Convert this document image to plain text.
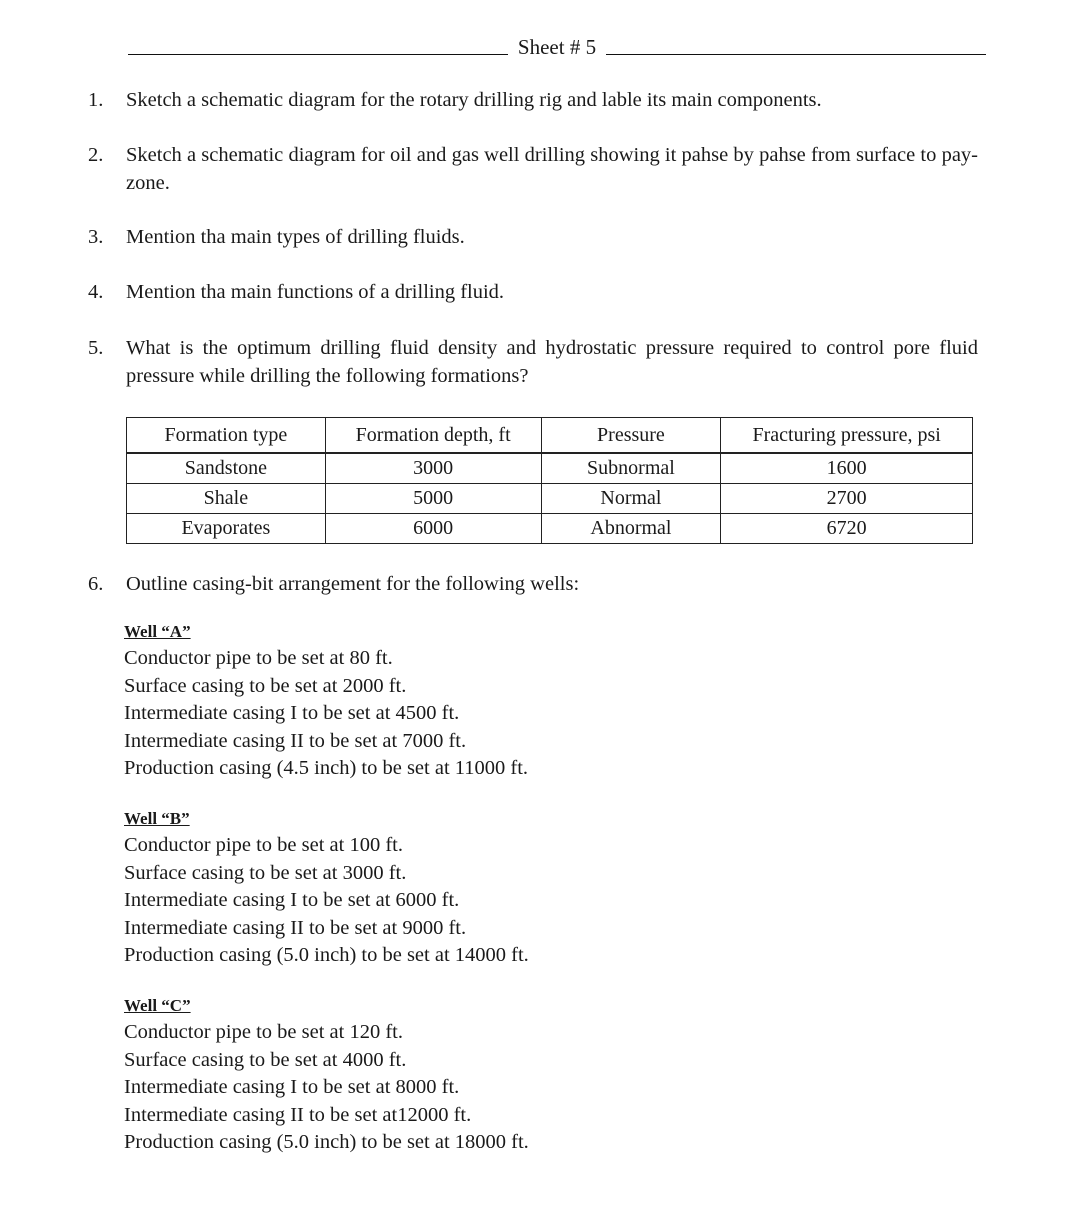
Sheet # 5
1.	Sketch a schematic diagram for the rotary drilling rig and lable its main components.
2.	Sketch a schematic diagram for oil and gas well drilling showing it pahse by pahse from surface to pay-zone.
3.	Mention tha main types of drilling fluids.
4.	Mention tha main functions of a drilling fluid.
5.	What is the optimum drilling fluid density and hydrostatic pressure required to control pore fluid pressure while drilling the following formations?
Formation type	Formation depth, ft	Pressure	Fracturing pressure, psi
Sandstone	3000	Subnormal	1600
Shale	5000	Normal	2700
Evaporates	6000	Abnormal	6720
6.	Outline casing-bit arrangement for the following wells:
Well “A”
Conductor pipe to be set at 80 ft.
Surface casing to be set at 2000 ft.
Intermediate casing I to be set at 4500 ft.
Intermediate casing II to be set at 7000 ft.
Production casing (4.5 inch) to be set at 11000 ft.
Well “B”
Conductor pipe to be set at 100 ft.
Surface casing to be set at 3000 ft.
Intermediate casing I to be set at 6000 ft.
Intermediate casing II to be set at 9000 ft.
Production casing (5.0 inch) to be set at 14000 ft.
Well “C”
Conductor pipe to be set at 120 ft.
Surface casing to be set at 4000 ft.
Intermediate casing I to be set at 8000 ft.
Intermediate casing II to be set at12000 ft.
Production casing (5.0 inch) to be set at 18000 ft.
